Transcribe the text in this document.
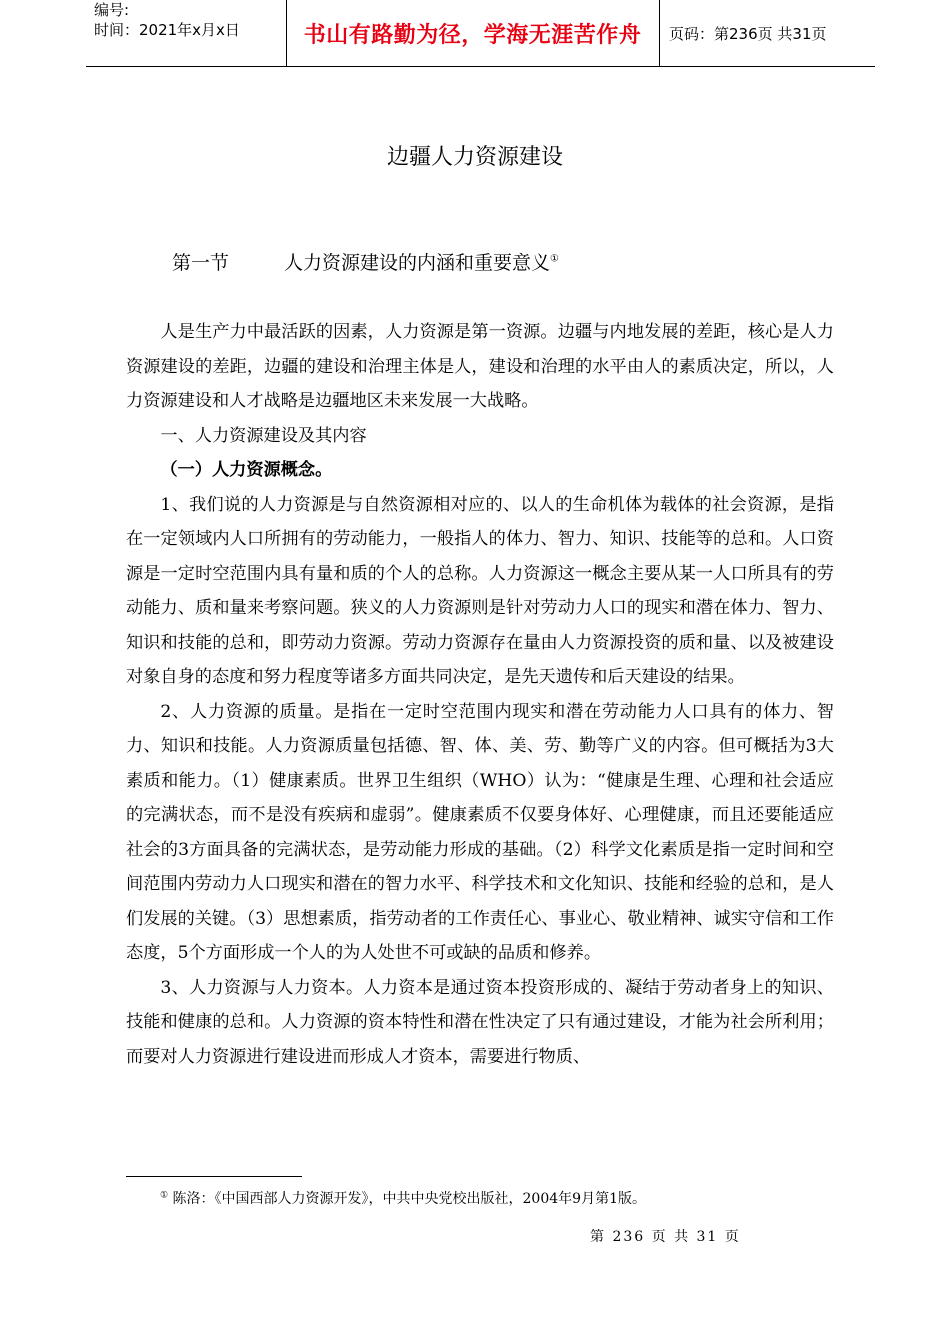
编号:
时间：2021年x月x日	书山有路勤为径，学海无涯苦作舟 页码：第236页 共31页
边疆人力资源建设
第一节	人力资源建设的内涵和重要意义①

人是生产力中最活跃的因素，人力资源是第一资源。边疆与内地发展的差距，核心是人力资源建设的差距，边疆的建设和治理主体是人，建设和治理的水平由人的素质决定，所以，人力资源建设和人才战略是边疆地区未来发展一大战略。

一、人力资源建设及其内容

（一）人力资源概念。

1、我们说的人力资源是与自然资源相对应的、以人的生命机体为载体的社会资源，是指在一定领域内人口所拥有的劳动能力，一般指人的体力、智力、知识、技能等的总和。人口资源是一定时空范围内具有量和质的个人的总称。人力资源这一概念主要从某一人口所具有的劳动能力、质和量来考察问题。狭义的人力资源则是针对劳动力人口的现实和潜在体力、智力、知识和技能的总和，即劳动力资源。劳动力资源存在量由人力资源投资的质和量、以及被建设对象自身的态度和努力程度等诸多方面共同决定，是先天遗传和后天建设的结果。

2、人力资源的质量。是指在一定时空范围内现实和潜在劳动能力人口具有的体力、智力、知识和技能。人力资源质量包括德、智、体、美、劳、勤等广义的内容。但可概括为3大素质和能力。（1）健康素质。世界卫生组织（WHO）认为：“健康是生理、心理和社会适应的完满状态，而不是没有疾病和虚弱”。健康素质不仅要身体好、心理健康，而且还要能适应社会的3方面具备的完满状态，是劳动能力形成的基础。（2）科学文化素质是指一定时间和空间范围内劳动力人口现实和潜在的智力水平、科学技术和文化知识、技能和经验的总和，是人们发展的关键。（3）思想素质，指劳动者的工作责任心、事业心、敬业精神、诚实守信和工作态度，5个方面形成一个人的为人处世不可或缺的品质和修养。

3、人力资源与人力资本。人力资本是通过资本投资形成的、凝结于劳动者身上的知识、技能和健康的总和。人力资源的资本特性和潜在性决定了只有通过建设，才能为社会所利用；而要对人力资源进行建设进而形成人才资本，需要进行物质、

① 陈洛：《中国西部人力资源开发》，中共中央党校出版社，2004年9月第1版。
第 236 页 共 31 页
